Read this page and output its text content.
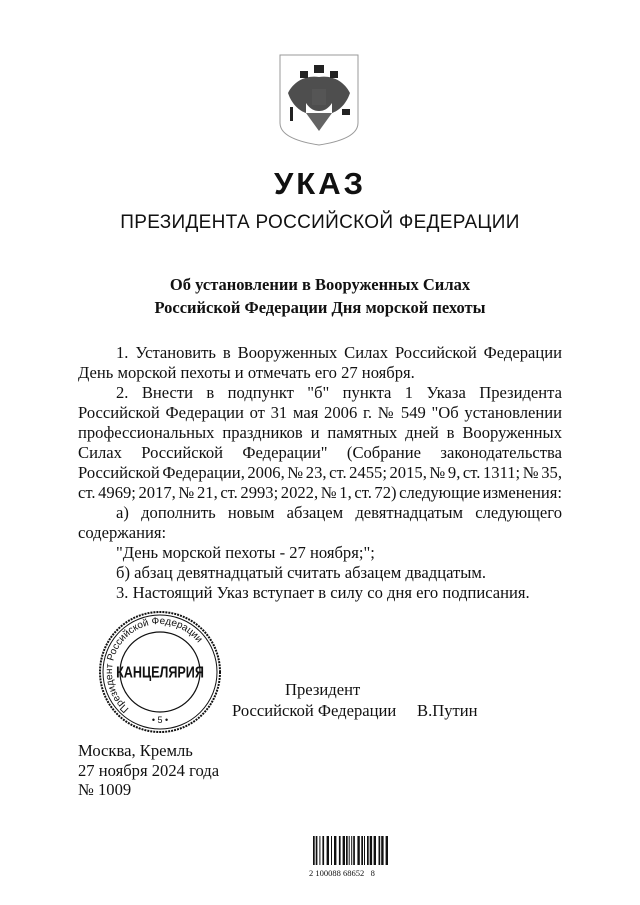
УКАЗ
ПРЕЗИДЕНТА РОССИЙСКОЙ ФЕДЕРАЦИИ
Об установлении в Вооруженных Силах
Российской Федерации Дня морской пехоты
1. Установить в Вооруженных Силах Российской Федерации
День морской пехоты и отмечать его 27 ноября.
2. Внести в подпункт "б" пункта 1 Указа Президента
Российской Федерации от 31 мая 2006 г. № 549 "Об установлении
профессиональных праздников и памятных дней в Вооруженных
Силах Российской Федерации" (Собрание законодательства
Российской Федерации, 2006, № 23, ст. 2455; 2015, № 9, ст. 1311; № 35,
ст. 4969; 2017, № 21, ст. 2993; 2022, № 1, ст. 72) следующие изменения:
а) дополнить новым абзацем девятнадцатым следующего
содержания:
"День морской пехоты - 27 ноября;";
б) абзац девятнадцатый считать абзацем двадцатым.
3. Настоящий Указ вступает в силу со дня его подписания.
Президент Российской Федерации
КАНЦЕЛЯРИЯ
• 5 •
Президент
Российской Федерации В.Путин
Москва, Кремль
27 ноября 2024 года
№ 1009
2 100088 68652   8
